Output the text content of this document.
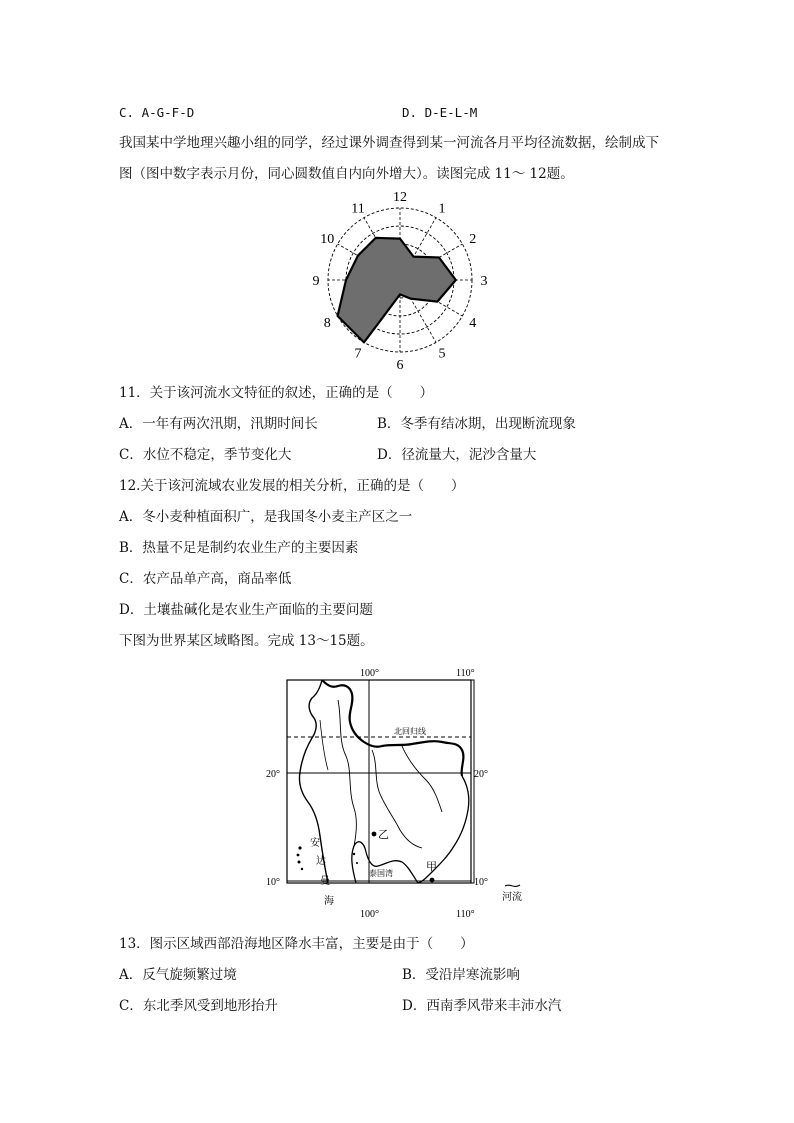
C. A-G-F-D	D. D-E-L-M
我国某中学地理兴趣小组的同学，经过课外调查得到某一河流各月平均径流数据，绘制成下
图（图中数字表示月份，同心圆数值自内向外增大）。读图完成 11～ 12题。
12
1
2
3
4
5
6
7
8
9
10
11
11．关于该河流水文特征的叙述，正确的是（　　）
A．一年有两次汛期，汛期时间长	B．冬季有结冰期，出现断流现象
C．水位不稳定，季节变化大	D．径流量大，泥沙含量大
12.关于该河流域农业发展的相关分析，正确的是（　　）
A．冬小麦种植面积广，是我国冬小麦主产区之一
B．热量不足是制约农业生产的主要因素
C．农产品单产高，商品率低
D．土壤盐碱化是农业生产面临的主要问题
下图为世界某区域略图。完成 13～15题。
100°	110°
100°	110°
20°	20°
10°	10°
北回归线
安
达
曼
海
泰国湾
乙
甲
河流
13．图示区域西部沿海地区降水丰富，主要是由于（　　）
A．反气旋频繁过境	B．受沿岸寒流影响
C．东北季风受到地形抬升	D．西南季风带来丰沛水汽
